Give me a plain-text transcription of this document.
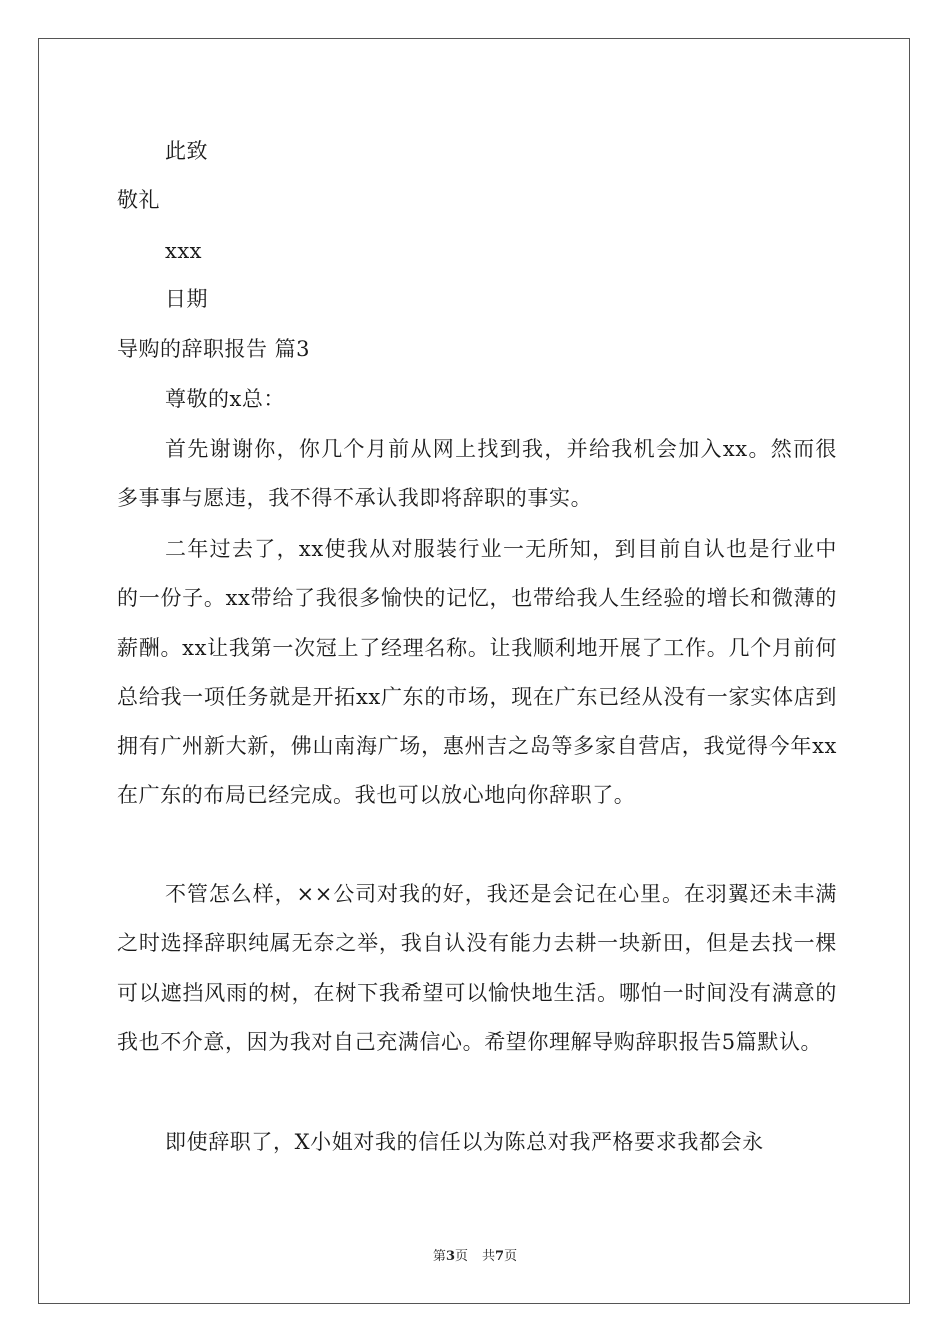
此致
敬礼
xxx
日期
导购的辞职报告 篇3
尊敬的x总：
首先谢谢你，你几个月前从网上找到我，并给我机会加入xx。然而很多事事与愿违，我不得不承认我即将辞职的事实。
二年过去了，xx使我从对服装行业一无所知，到目前自认也是行业中的一份子。xx带给了我很多愉快的记忆，也带给我人生经验的增长和微薄的薪酬。xx让我第一次冠上了经理名称。让我顺利地开展了工作。几个月前何总给我一项任务就是开拓xx广东的市场，现在广东已经从没有一家实体店到拥有广州新大新，佛山南海广场，惠州吉之岛等多家自营店，我觉得今年xx在广东的布局已经完成。我也可以放心地向你辞职了。
不管怎么样，××公司对我的好，我还是会记在心里。在羽翼还未丰满之时选择辞职纯属无奈之举，我自认没有能力去耕一块新田，但是去找一棵可以遮挡风雨的树，在树下我希望可以愉快地生活。哪怕一时间没有满意的我也不介意，因为我对自己充满信心。希望你理解导购辞职报告5篇默认。
即使辞职了，X小姐对我的信任以为陈总对我严格要求我都会永
第3页 共7页
